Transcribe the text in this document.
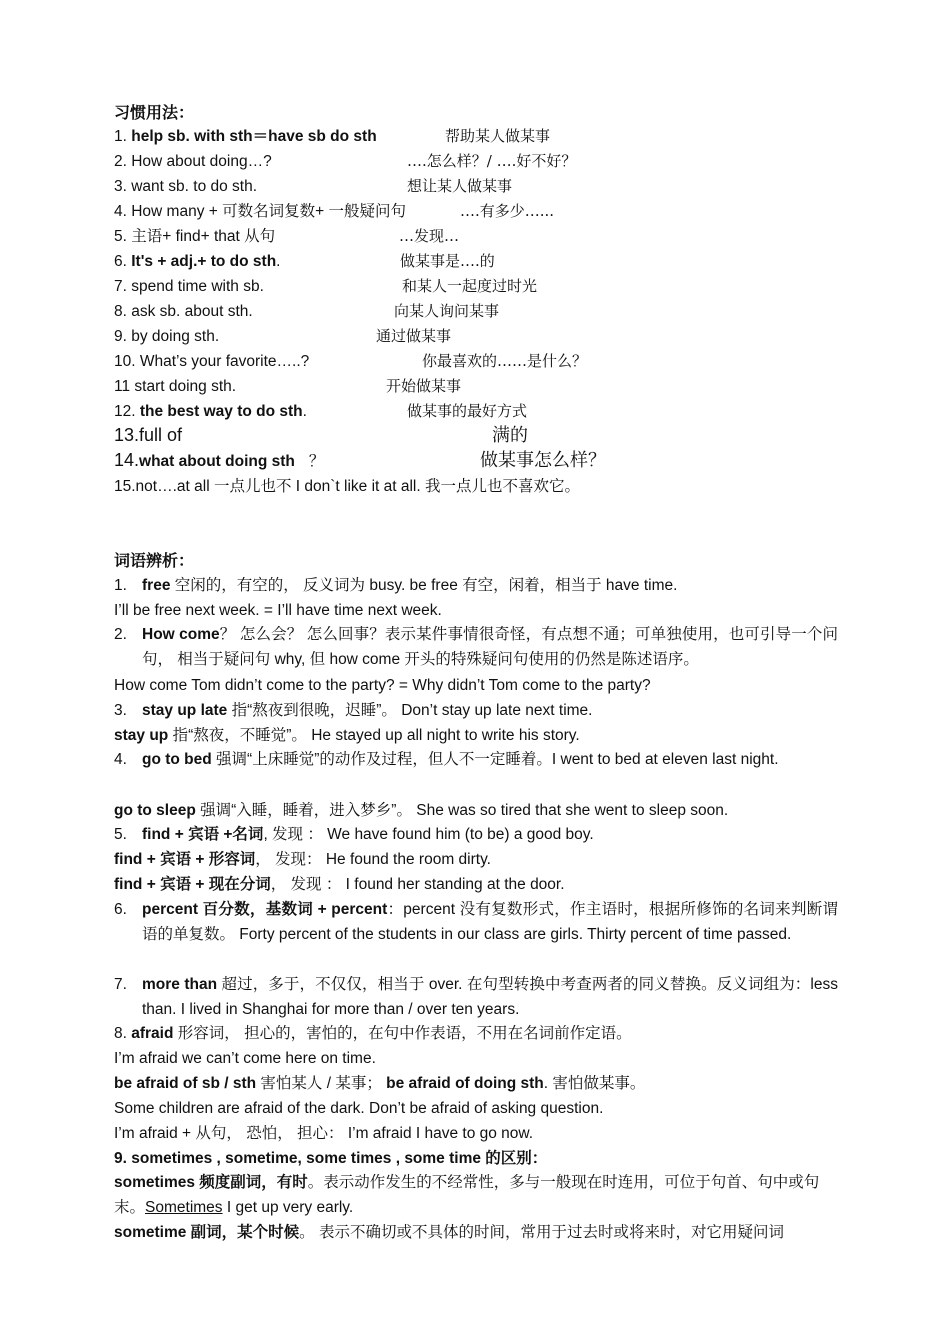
习惯用法：
1. help sb. with sth＝have sb do sth	帮助某人做某事
2. How about doing…?	….怎么样？/ ….好不好？
3. want sb. to do sth.	想让某人做某事
4. How many + 可数名词复数+ 一般疑问句	….有多少…...
5. 主语+ find+ that 从句	…发现…
6. It's + adj.+ to do sth.	做某事是….的
7. spend time with sb.	和某人一起度过时光
8. ask sb. about sth.	向某人询问某事
9. by doing sth.	通过做某事
10. What’s your favorite…..?	你最喜欢的……是什么？
11 start doing sth.	开始做某事
12. the best way to do sth.	做某事的最好方式
13.full of	满的
14.what about doing sth ？	做某事怎么样？
15.not….at all 一点儿也不 I don`t like it at all. 我一点儿也不喜欢它。
词语辨析：
1. free 空闲的，有空的， 反义词为 busy. be free 有空，闲着，相当于 have time.
I’ll be free next week. = I’ll have time next week.
2. How come？ 怎么会？ 怎么回事？表示某件事情很奇怪，有点想不通；可单独使用，也可引导一个问句， 相当于疑问句 why, 但 how come 开头的特殊疑问句使用的仍然是陈述语序。
How come Tom didn’t come to the party? = Why didn’t Tom come to the party?
3. stay up late 指“熬夜到很晚，迟睡”。 Don’t stay up late next time.
stay up 指“熬夜，不睡觉”。 He stayed up all night to write his story.
4. go to bed 强调“上床睡觉”的动作及过程，但人不一定睡着。I went to bed at eleven last night.
go to sleep 强调“入睡，睡着，进入梦乡”。 She was so tired that she went to sleep soon.
5. find + 宾语 +名词, 发现 ： We have found him (to be) a good boy.
find + 宾语 + 形容词， 发现： He found the room dirty.
find + 宾语 + 现在分词， 发现 ： I found her standing at the door.
6. percent 百分数，基数词 + percent：percent 没有复数形式，作主语时，根据所修饰的名词来判断谓语的单复数。 Forty percent of the students in our class are girls. Thirty percent of time passed.
7. more than 超过，多于，不仅仅，相当于 over. 在句型转换中考查两者的同义替换。反义词组为：less than. I lived in Shanghai for more than / over ten years.
8. afraid 形容词， 担心的，害怕的，在句中作表语，不用在名词前作定语。
I’m afraid we can’t come here on time.
be afraid of sb / sth 害怕某人 / 某事； be afraid of doing sth. 害怕做某事。
Some children are afraid of the dark. Don’t be afraid of asking question.
I’m afraid + 从句， 恐怕， 担心： I’m afraid I have to go now.
9. sometimes , sometime, some times , some time 的区别：
sometimes 频度副词，有时。表示动作发生的不经常性，多与一般现在时连用，可位于句首、句中或句末。Sometimes I get up very early.
sometime 副词，某个时候。 表示不确切或不具体的时间，常用于过去时或将来时，对它用疑问词
